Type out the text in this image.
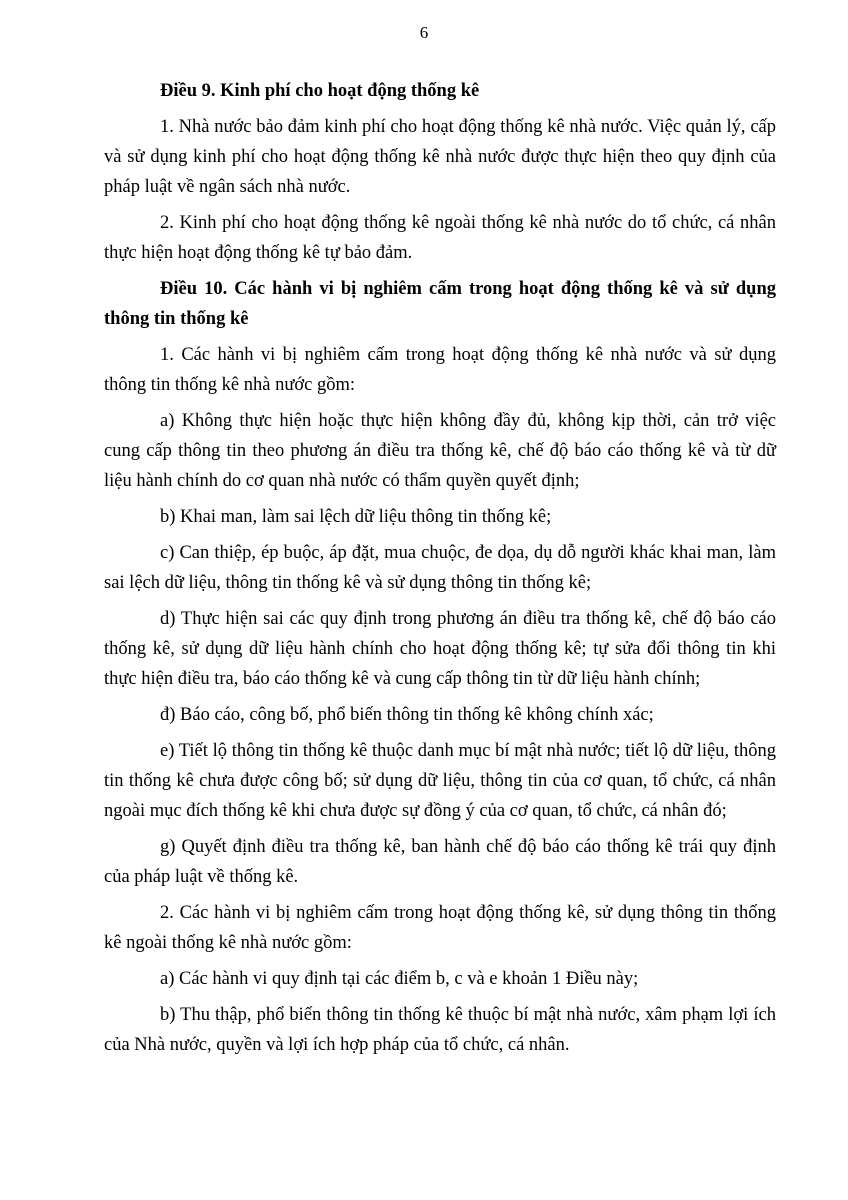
6

Điều 9. Kinh phí cho hoạt động thống kê

1. Nhà nước bảo đảm kinh phí cho hoạt động thống kê nhà nước. Việc quản lý, cấp và sử dụng kinh phí cho hoạt động thống kê nhà nước được thực hiện theo quy định của pháp luật về ngân sách nhà nước.

2. Kinh phí cho hoạt động thống kê ngoài thống kê nhà nước do tổ chức, cá nhân thực hiện hoạt động thống kê tự bảo đảm.

Điều 10. Các hành vi bị nghiêm cấm trong hoạt động thống kê và sử dụng thông tin thống kê

1. Các hành vi bị nghiêm cấm trong hoạt động thống kê nhà nước và sử dụng thông tin thống kê nhà nước gồm:

a) Không thực hiện hoặc thực hiện không đầy đủ, không kịp thời, cản trở việc cung cấp thông tin theo phương án điều tra thống kê, chế độ báo cáo thống kê và từ dữ liệu hành chính do cơ quan nhà nước có thẩm quyền quyết định;

b) Khai man, làm sai lệch dữ liệu thông tin thống kê;

c) Can thiệp, ép buộc, áp đặt, mua chuộc, đe dọa, dụ dỗ người khác khai man, làm sai lệch dữ liệu, thông tin thống kê và sử dụng thông tin thống kê;

d) Thực hiện sai các quy định trong phương án điều tra thống kê, chế độ báo cáo thống kê, sử dụng dữ liệu hành chính cho hoạt động thống kê; tự sửa đổi thông tin khi thực hiện điều tra, báo cáo thống kê và cung cấp thông tin từ dữ liệu hành chính;

đ) Báo cáo, công bố, phổ biến thông tin thống kê không chính xác;

e) Tiết lộ thông tin thống kê thuộc danh mục bí mật nhà nước; tiết lộ dữ liệu, thông tin thống kê chưa được công bố; sử dụng dữ liệu, thông tin của cơ quan, tổ chức, cá nhân ngoài mục đích thống kê khi chưa được sự đồng ý của cơ quan, tổ chức, cá nhân đó;

g) Quyết định điều tra thống kê, ban hành chế độ báo cáo thống kê trái quy định của pháp luật về thống kê.

2. Các hành vi bị nghiêm cấm trong hoạt động thống kê, sử dụng thông tin thống kê ngoài thống kê nhà nước gồm:

a) Các hành vi quy định tại các điểm b, c và e khoản 1 Điều này;

b) Thu thập, phổ biến thông tin thống kê thuộc bí mật nhà nước, xâm phạm lợi ích của Nhà nước, quyền và lợi ích hợp pháp của tổ chức, cá nhân.
